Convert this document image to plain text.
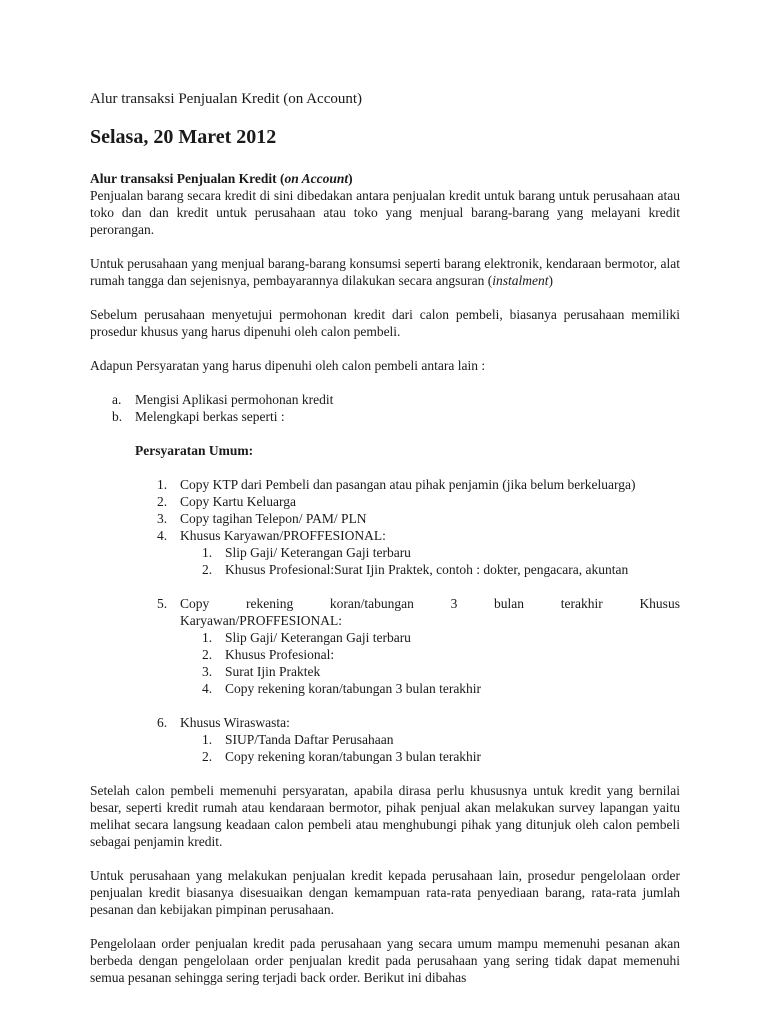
Alur transaksi Penjualan Kredit (on Account)
Selasa, 20 Maret 2012
Alur transaksi Penjualan Kredit (on Account)

Penjualan barang secara kredit di sini dibedakan antara penjualan kredit untuk barang untuk perusahaan atau toko dan dan kredit untuk perusahaan atau toko yang menjual barang-barang yang melayani kredit perorangan.

Untuk perusahaan yang menjual barang-barang konsumsi seperti barang elektronik, kendaraan bermotor, alat rumah tangga dan sejenisnya, pembayarannya dilakukan secara angsuran (instalment)

Sebelum perusahaan menyetujui permohonan kredit dari calon pembeli, biasanya perusahaan memiliki prosedur khusus yang harus dipenuhi oleh calon pembeli.

Adapun Persyaratan yang harus dipenuhi oleh calon pembeli antara lain :

a. Mengisi Aplikasi permohonan kredit
b. Melengkapi berkas seperti :
Persyaratan Umum:
1. Copy KTP dari Pembeli dan pasangan atau pihak penjamin (jika belum berkeluarga)
2. Copy Kartu Keluarga
3. Copy tagihan Telepon/ PAM/ PLN
4. Khusus Karyawan/PROFFESIONAL:
1. Slip Gaji/ Keterangan Gaji terbaru
2. Khusus Profesional:Surat Ijin Praktek, contoh : dokter, pengacara, akuntan
5. Copy	rekening	koran/tabungan	3	bulan	terakhir	Khusus
Karyawan/PROFFESIONAL:
1. Slip Gaji/ Keterangan Gaji terbaru
2. Khusus Profesional:
3. Surat Ijin Praktek
4. Copy rekening koran/tabungan 3 bulan terakhir
6. Khusus Wiraswasta:
1. SIUP/Tanda Daftar Perusahaan
2. Copy rekening koran/tabungan 3 bulan terakhir

Setelah calon pembeli memenuhi persyaratan, apabila dirasa perlu khususnya untuk kredit yang bernilai besar, seperti kredit rumah atau kendaraan bermotor, pihak penjual akan melakukan survey lapangan yaitu melihat secara langsung keadaan calon pembeli atau menghubungi pihak yang ditunjuk oleh calon pembeli sebagai penjamin kredit.

Untuk perusahaan yang melakukan penjualan kredit kepada perusahaan lain, prosedur pengelolaan order penjualan kredit biasanya disesuaikan dengan kemampuan rata-rata penyediaan barang, rata-rata jumlah pesanan dan kebijakan pimpinan perusahaan.

Pengelolaan order penjualan kredit pada perusahaan yang secara umum mampu memenuhi pesanan akan berbeda dengan pengelolaan order penjualan kredit pada perusahaan yang sering tidak dapat memenuhi semua pesanan sehingga sering terjadi back order. Berikut ini dibahas
